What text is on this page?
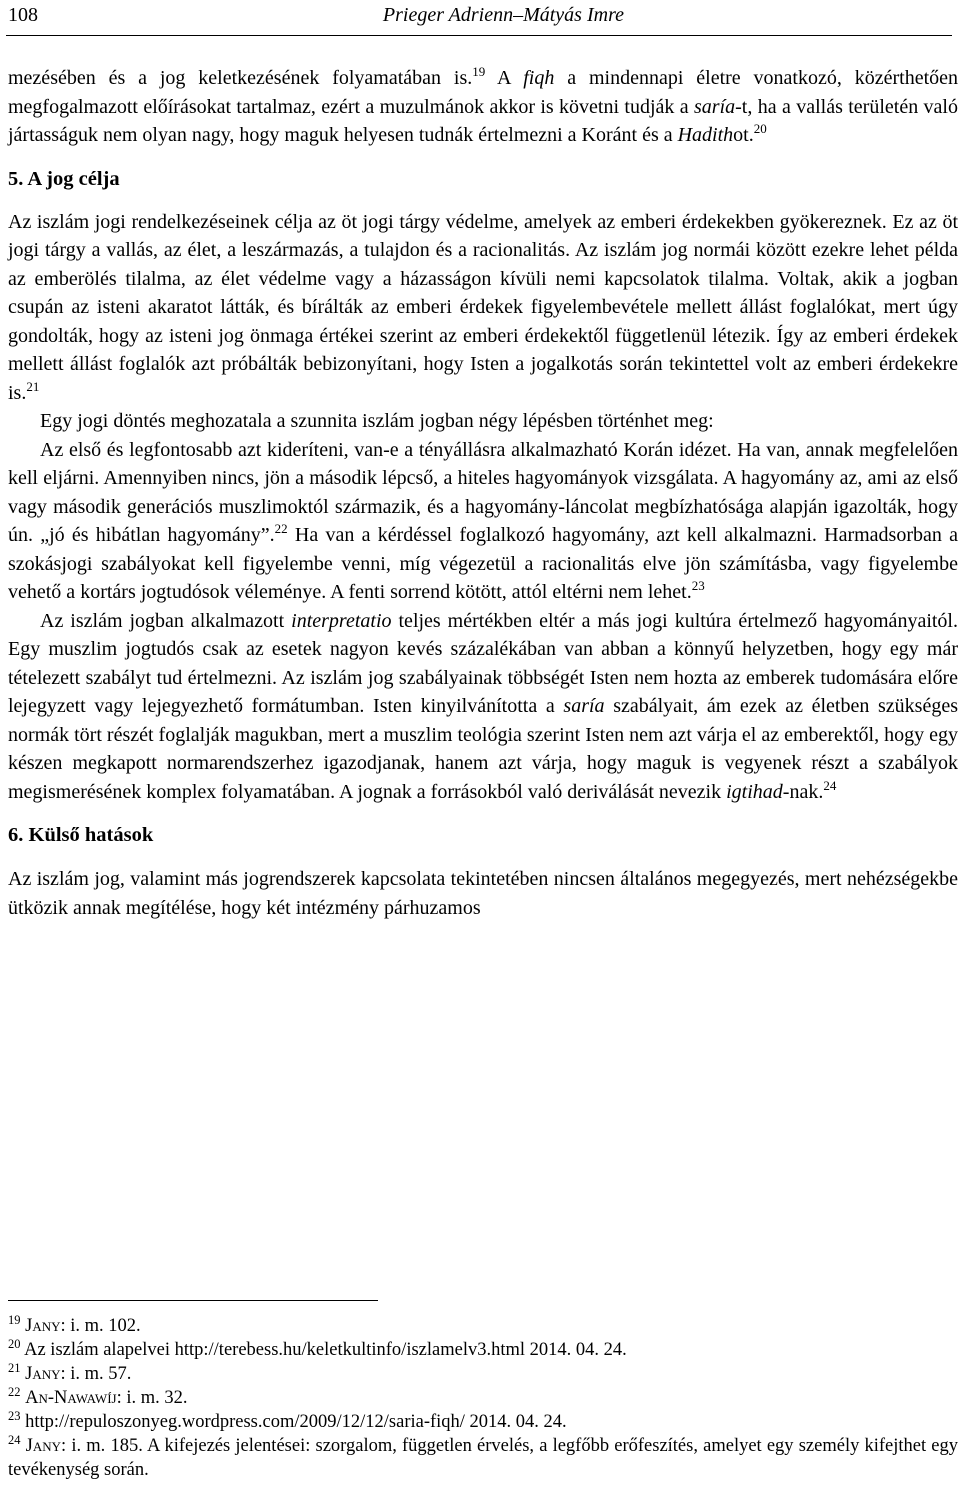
108	Prieger Adrienn–Mátyás Imre

mezésében és a jog keletkezésének folyamatában is.$^{19}$ A fiqh a mindennapi életre vonatkozó, közérthetően megfogalmazott előírásokat tartalmaz, ezért a muzulmánok akkor is követni tudják a saría-t, ha a vallás területén való jártasságuk nem olyan nagy, hogy maguk helyesen tudnák értelmezni a Koránt és a Hadithot.$^{20}$

5. A jog célja

Az iszlám jogi rendelkezéseinek célja az öt jogi tárgy védelme, amelyek az emberi érdekekben gyökereznek. Ez az öt jogi tárgy a vallás, az élet, a leszármazás, a tulajdon és a racionalitás. Az iszlám jog normái között ezekre lehet példa az emberölés tilalma, az élet védelme vagy a házasságon kívüli nemi kapcsolatok tilalma. Voltak, akik a jogban csupán az isteni akaratot látták, és bírálták az emberi érdekek figyelembevétele mellett állást foglalókat, mert úgy gondolták, hogy az isteni jog önmaga értékei szerint az emberi érdekektől függetlenül létezik. Így az emberi érdekek mellett állást foglalók azt próbálták bebizonyítani, hogy Isten a jogalkotás során tekintettel volt az emberi érdekekre is.$^{21}$

Egy jogi döntés meghozatala a szunnita iszlám jogban négy lépésben történhet meg:

Az első és legfontosabb azt kideríteni, van-e a tényállásra alkalmazható Korán idézet. Ha van, annak megfelelően kell eljárni. Amennyiben nincs, jön a második lépcső, a hiteles hagyományok vizsgálata. A hagyomány az, ami az első vagy második generációs muszlimoktól származik, és a hagyomány-láncolat megbízhatósága alapján igazolták, hogy ún. „jó és hibátlan hagyomány”.$^{22}$ Ha van a kérdéssel foglalkozó hagyomány, azt kell alkalmazni. Harmadsorban a szokásjogi szabályokat kell figyelembe venni, míg végezetül a racionalitás elve jön számításba, vagy figyelembe vehető a kortárs jogtudósok véleménye. A fenti sorrend kötött, attól eltérni nem lehet.$^{23}$

Az iszlám jogban alkalmazott interpretatio teljes mértékben eltér a más jogi kultúra értelmező hagyományaitól. Egy muszlim jogtudós csak az esetek nagyon kevés százalékában van abban a könnyű helyzetben, hogy egy már tételezett szabályt tud értelmezni. Az iszlám jog szabályainak többségét Isten nem hozta az emberek tudomására előre lejegyzett vagy lejegyezhető formátumban. Isten kinyilvánította a saría szabályait, ám ezek az életben szükséges normák tört részét foglalják magukban, mert a muszlim teológia szerint Isten nem azt várja el az emberektől, hogy egy készen megkapott normarendszerhez igazodjanak, hanem azt várja, hogy maguk is vegyenek részt a szabályok megismerésének komplex folyamatában. A jognak a forrásokból való deriválását nevezik igtihad-nak.$^{24}$

6. Külső hatások

Az iszlám jog, valamint más jogrendszerek kapcsolata tekintetében nincsen általános megegyezés, mert nehézségekbe ütközik annak megítélése, hogy két intézmény párhuzamos

$^{19}$ Jany: i. m. 102.

$^{20}$ Az iszlám alapelvei http://terebess.hu/keletkultinfo/iszlamelv3.html 2014. 04. 24.

$^{21}$ Jany: i. m. 57.

$^{22}$ An-Nawawíj: i. m. 32.

$^{23}$ http://repuloszonyeg.wordpress.com/2009/12/12/saria-fiqh/ 2014. 04. 24.

$^{24}$ Jany: i. m. 185. A kifejezés jelentései: szorgalom, független érvelés, a legfőbb erőfeszítés, amelyet egy személy kifejthet egy tevékenység során.
